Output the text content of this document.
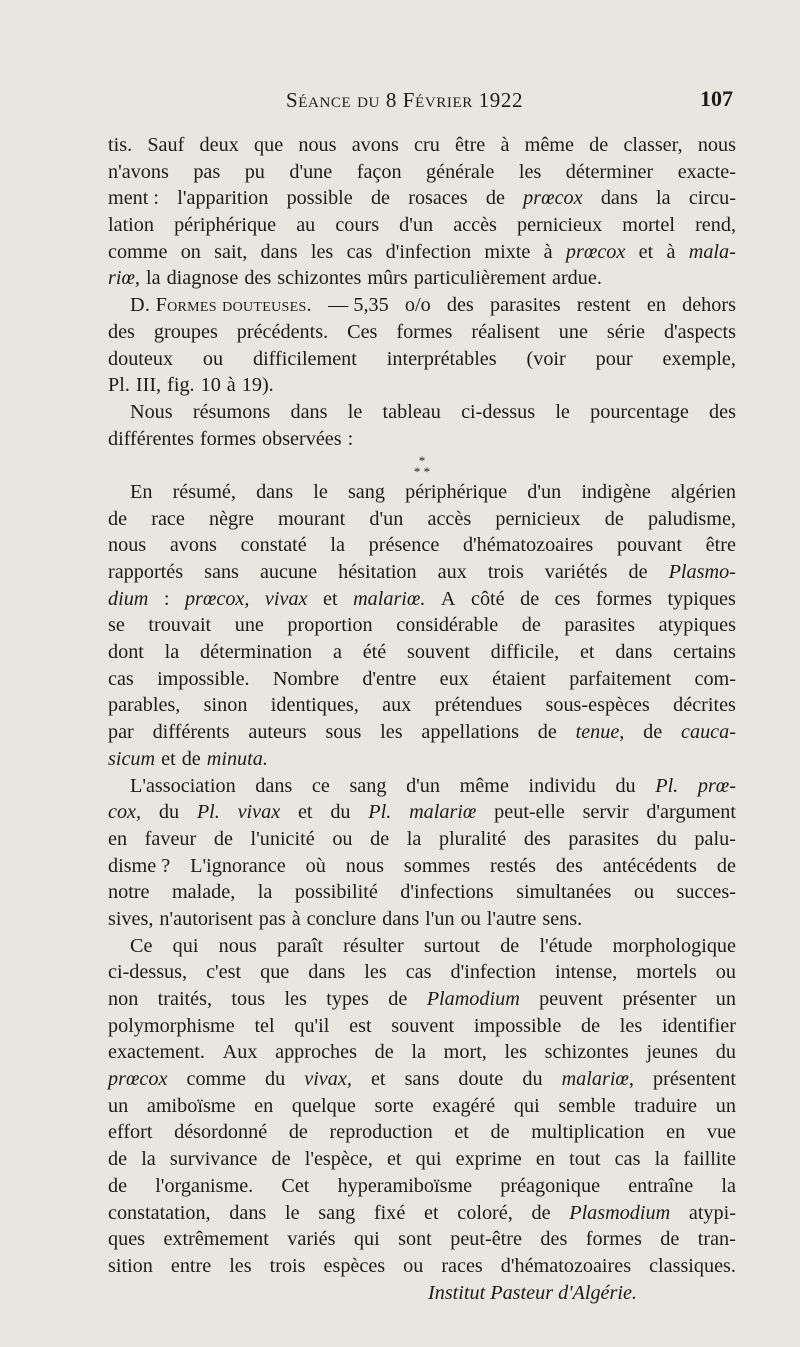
Séance du 8 Février 1922	107
tis. Sauf deux que nous avons cru être à même de classer, nous
n'avons pas pu d'une façon générale les déterminer exacte-
ment : l'apparition possible de rosaces de prœcox dans la circu-
lation périphérique au cours d'un accès pernicieux mortel rend,
comme on sait, dans les cas d'infection mixte à prœcox et à mala-
riœ, la diagnose des schizontes mûrs particulièrement ardue.
D. Formes douteuses. — 5,35 o/o des parasites restent en dehors
des groupes précédents. Ces formes réalisent une série d'aspects
douteux ou difficilement interprétables (voir pour exemple,
Pl. III, fig. 10 à 19).
Nous résumons dans le tableau ci-dessus le pourcentage des
différentes formes observées :
*
* *
En résumé, dans le sang périphérique d'un indigène algérien
de race nègre mourant d'un accès pernicieux de paludisme,
nous avons constaté la présence d'hématozoaires pouvant être
rapportés sans aucune hésitation aux trois variétés de Plasmo-
dium : prœcox, vivax et malariœ. A côté de ces formes typiques
se trouvait une proportion considérable de parasites atypiques
dont la détermination a été souvent difficile, et dans certains
cas impossible. Nombre d'entre eux étaient parfaitement com-
parables, sinon identiques, aux prétendues sous-espèces décrites
par différents auteurs sous les appellations de tenue, de cauca-
sicum et de minuta.
L'association dans ce sang d'un même individu du Pl. prœ-
cox, du Pl. vivax et du Pl. malariœ peut-elle servir d'argument
en faveur de l'unicité ou de la pluralité des parasites du palu-
disme ? L'ignorance où nous sommes restés des antécédents de
notre malade, la possibilité d'infections simultanées ou succes-
sives, n'autorisent pas à conclure dans l'un ou l'autre sens.
Ce qui nous paraît résulter surtout de l'étude morphologique
ci-dessus, c'est que dans les cas d'infection intense, mortels ou
non traités, tous les types de Plamodium peuvent présenter un
polymorphisme tel qu'il est souvent impossible de les identifier
exactement. Aux approches de la mort, les schizontes jeunes du
prœcox comme du vivax, et sans doute du malariœ, présentent
un amiboïsme en quelque sorte exagéré qui semble traduire un
effort désordonné de reproduction et de multiplication en vue
de la survivance de l'espèce, et qui exprime en tout cas la faillite
de l'organisme. Cet hyperamiboïsme préagonique entraîne la
constatation, dans le sang fixé et coloré, de Plasmodium atypi-
ques extrêmement variés qui sont peut-être des formes de tran-
sition entre les trois espèces ou races d'hématozoaires classiques.
Institut Pasteur d'Algérie.
